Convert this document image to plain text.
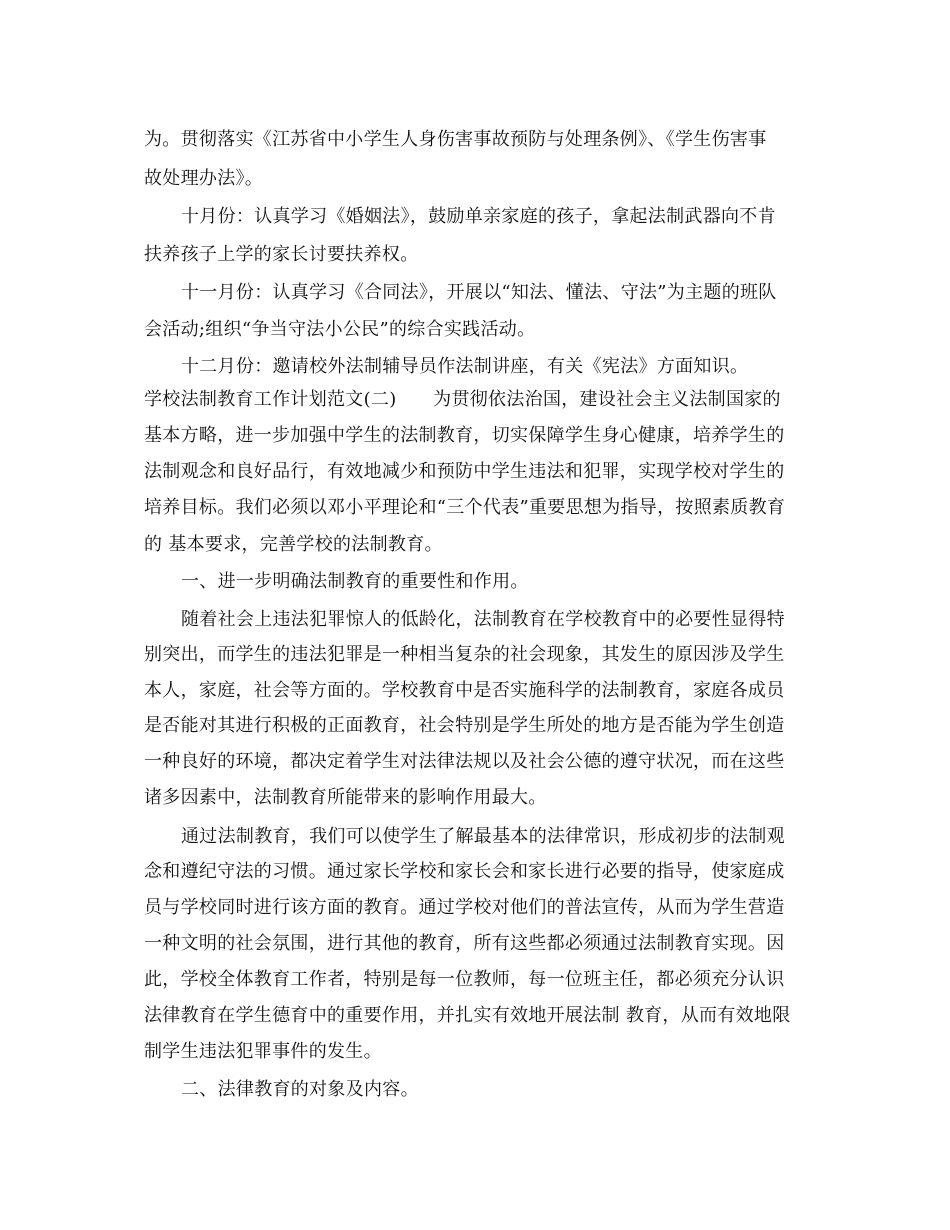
为。贯彻落实《江苏省中小学生人身伤害事故预防与处理条例》、《学生伤害事
故处理办法》。
十月份：认真学习《婚姻法》，鼓励单亲家庭的孩子，拿起法制武器向不肯
扶养孩子上学的家长讨要扶养权。
十一月份：认真学习《合同法》，开展以“知法、懂法、守法”为主题的班队
会活动;组织“争当守法小公民”的综合实践活动。
十二月份：邀请校外法制辅导员作法制讲座，有关《宪法》方面知识。
学校法制教育工作计划范文(二)　　为贯彻依法治国，建设社会主义法制国家的
基本方略，进一步加强中学生的法制教育，切实保障学生身心健康，培养学生的
法制观念和良好品行，有效地减少和预防中学生违法和犯罪，实现学校对学生的
培养目标。我们必须以邓小平理论和“三个代表”重要思想为指导，按照素质教育
的 基本要求，完善学校的法制教育。
一、进一步明确法制教育的重要性和作用。
随着社会上违法犯罪惊人的低龄化，法制教育在学校教育中的必要性显得特
别突出，而学生的违法犯罪是一种相当复杂的社会现象，其发生的原因涉及学生
本人，家庭，社会等方面的。学校教育中是否实施科学的法制教育，家庭各成员
是否能对其进行积极的正面教育，社会特别是学生所处的地方是否能为学生创造
一种良好的环境，都决定着学生对法律法规以及社会公德的遵守状况，而在这些
诸多因素中，法制教育所能带来的影响作用最大。
通过法制教育，我们可以使学生了解最基本的法律常识，形成初步的法制观
念和遵纪守法的习惯。通过家长学校和家长会和家长进行必要的指导，使家庭成
员与学校同时进行该方面的教育。通过学校对他们的普法宣传，从而为学生营造
一种文明的社会氛围，进行其他的教育，所有这些都必须通过法制教育实现。因
此，学校全体教育工作者，特别是每一位教师，每一位班主任，都必须充分认识
法律教育在学生德育中的重要作用，并扎实有效地开展法制 教育，从而有效地限
制学生违法犯罪事件的发生。
二、法律教育的对象及内容。
